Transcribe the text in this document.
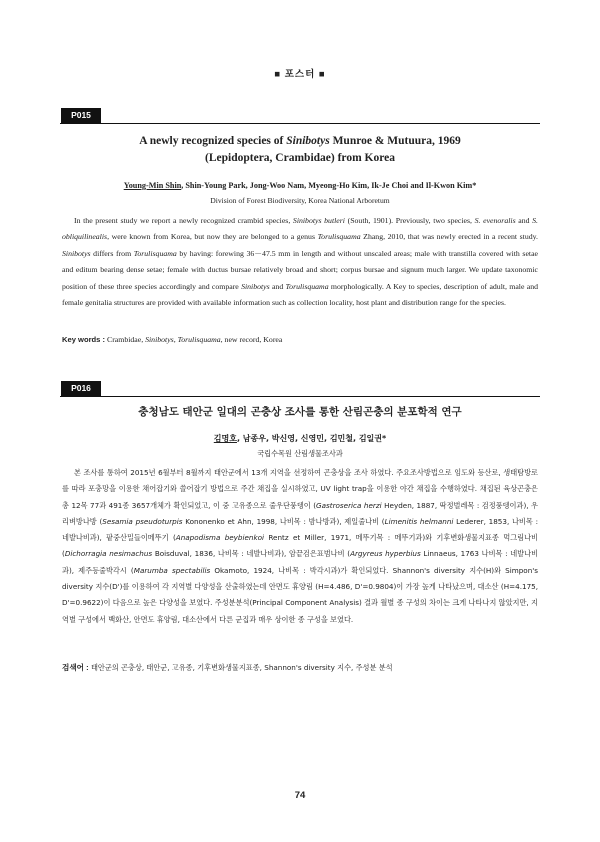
■ 포스터 ■
P015
A newly recognized species of Sinibotys Munroe & Mutuura, 1969
(Lepidoptera, Crambidae) from Korea
Young-Min Shin, Shin-Young Park, Jong-Woo Nam, Myeong-Ho Kim, Ik-Je Choi and Il-Kwon Kim*
Division of Forest Biodiversity, Korea National Arboretum

In the present study we report a newly recognized crambid species, Sinibotys butleri (South, 1901). Previously, two species, S. evenoralis and S. obliquilinealis, were known from Korea, but now they are belonged to a genus Torulisquama Zhang, 2010, that was newly erected in a recent study. Sinibotys differs from Torulisquama by having: forewing 36－47.5 mm in length and without unscaled areas; male with transtilla covered with setae and editum bearing dense setae; female with ductus bursae relatively broad and short; corpus bursae and signum much larger. We update taxonomic position of these three species accordingly and compare Sinibotys and Torulisquama morphologically. A Key to species, description of adult, male and female genitalia structures are provided with available information such as collection locality, host plant and distribution range for the species.

Key words : Crambidae, Sinibotys, Torulisquama, new record, Korea
P016
충청남도 태안군 일대의 곤충상 조사를 통한 산림곤충의 분포학적 연구
김명호, 남종우, 박신영, 신영민, 김민철, 김일권*
국립수목원 산림생물조사과

본 조사를 통하여 2015년 6월부터 8월까지 태안군에서 13개 지역을 선정하여 곤충상을 조사 하였다. 주요조사방법으로 임도와 등산로, 생태탐방로를 따라 포충망을 이용한 채어잡기와 쓸어잡기 방법으로 주간 채집을 실시하였고, UV light trap을 이용한 야간 채집을 수행하였다. 채집된 육상곤충은 총 12목 77과 491종 3657개체가 확인되었고, 이 중 고유종으로 줄우단풍뎅이 (Gastroserica herzi Heyden, 1887, 딱정벌레목 : 검정풍뎅이과), 우리벼방나방 (Sesamia pseudoturpis Kononenko et Ahn, 1998, 나비목 : 밤나방과), 제일줄나비 (Limenitis helmanni Lederer, 1853, 나비목 : 네발나비과), 팥중산밀들이메뚜기 (Anapodisma beybienkoi Rentz et Miller, 1971, 메뚜기목 : 메뚜기과)와 기후변화생물지표종 먹그림나비 (Dichorragia nesimachus Boisduval, 1836, 나비목 : 네발나비과), 암끝검은표범나비 (Argyreus hyperbius Linnaeus, 1763 나비목 : 네발나비과), 제주등줄박각시 (Marumba spectabilis Okamoto, 1924, 나비목 : 박각시과)가 확인되었다. Shannon's diversity 지수(H)와 Simpon's diversity 지수(D')를 이용하여 각 지역별 다양성을 산출하였는데 안면도 휴양림 (H=4.486, D'=0.9804)이 가장 높게 나타났으며, 대소산 (H=4.175, D'=0.9622)이 다음으로 높은 다양성을 보였다. 주성분분석(Principal Component Analysis) 결과 월별 종 구성의 차이는 크게 나타나지 않았지만, 지역별 구성에서 백화산, 안면도 휴양림, 대소산에서 다른 군집과 매우 상이한 종 구성을 보였다.

검색어 : 태안군의 곤충상, 태안군, 고유종, 기후변화생물지표종, Shannon's diversity 지수, 주성분 분석
74
